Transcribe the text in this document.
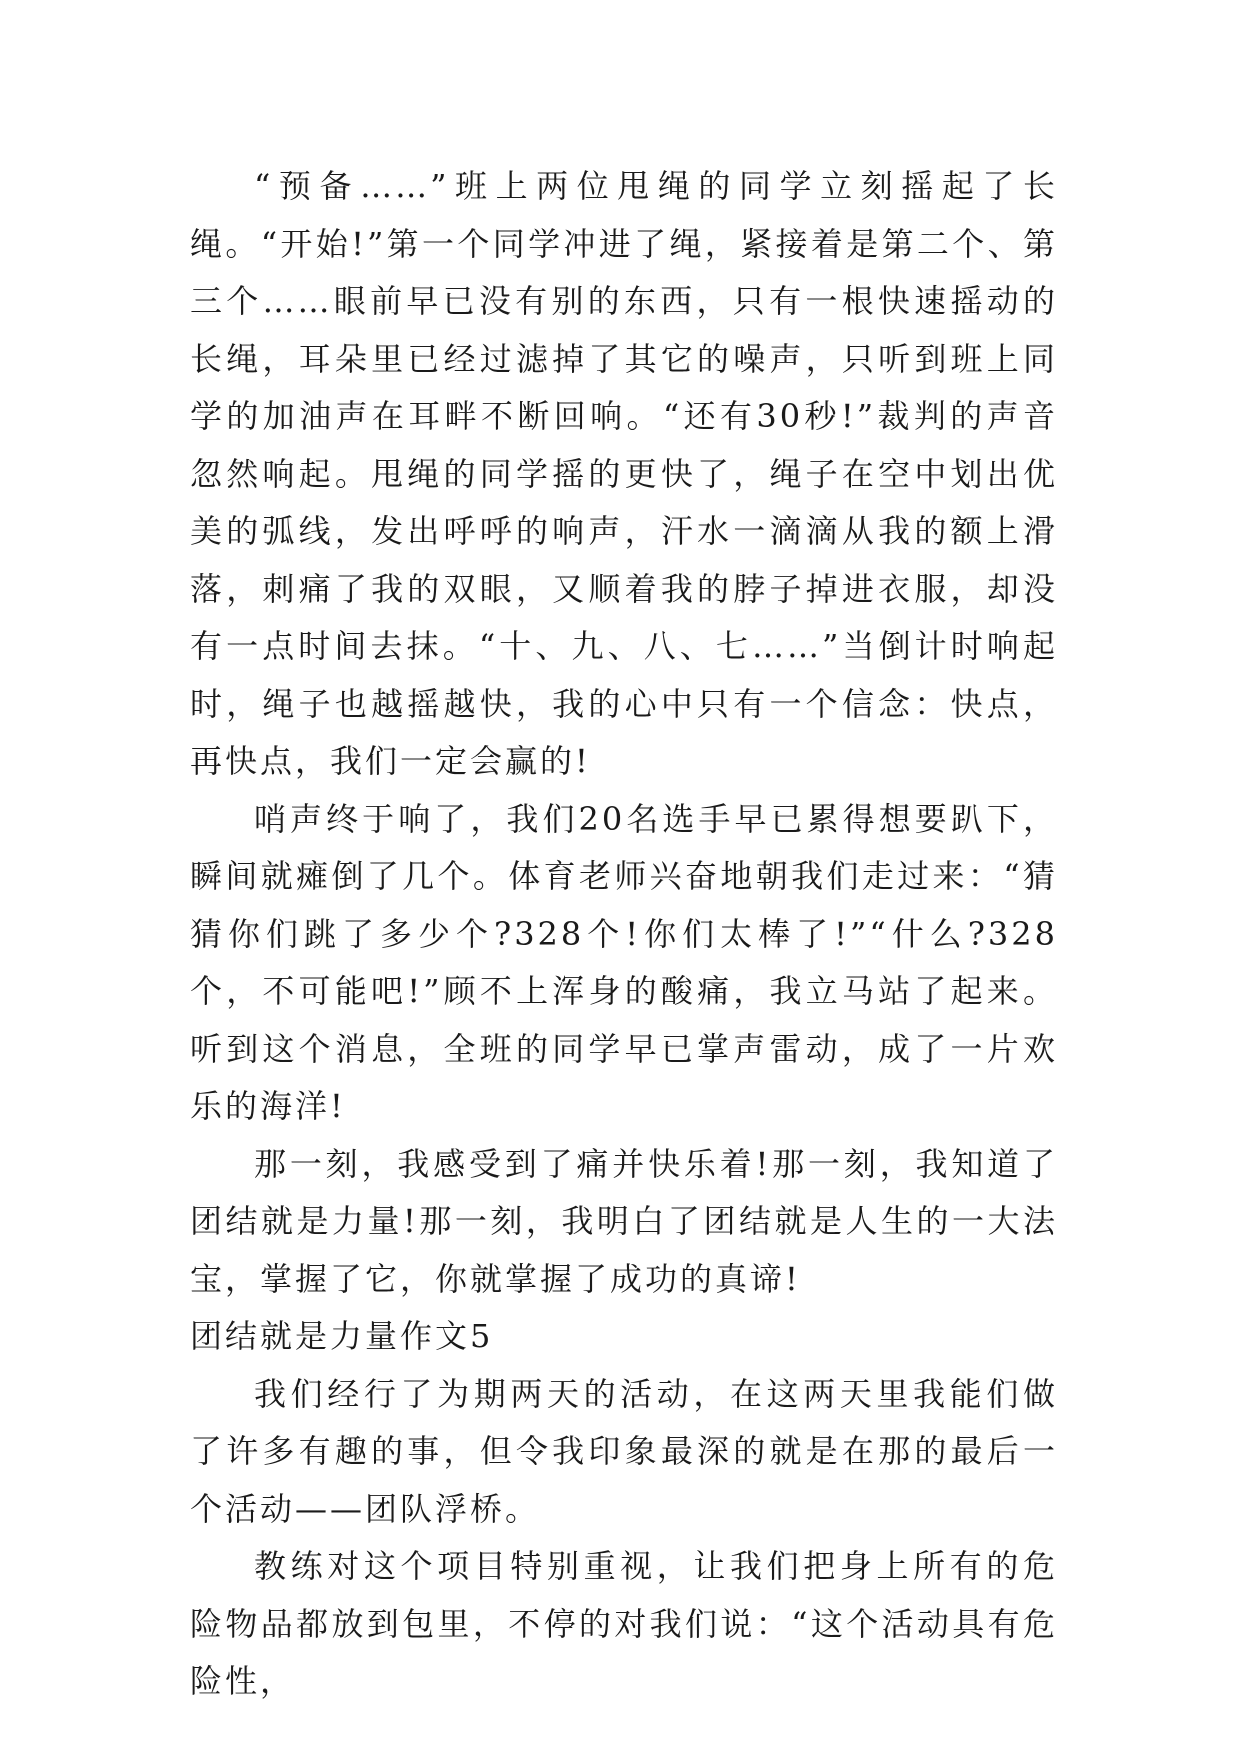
“预备……”班上两位甩绳的同学立刻摇起了长绳。“开始!”第一个同学冲进了绳，紧接着是第二个、第三个……眼前早已没有别的东西，只有一根快速摇动的长绳，耳朵里已经过滤掉了其它的噪声，只听到班上同学的加油声在耳畔不断回响。“还有30秒!”裁判的声音忽然响起。甩绳的同学摇的更快了，绳子在空中划出优美的弧线，发出呼呼的响声，汗水一滴滴从我的额上滑落，刺痛了我的双眼，又顺着我的脖子掉进衣服，却没有一点时间去抹。“十、九、八、七……”当倒计时响起时，绳子也越摇越快，我的心中只有一个信念：快点，再快点，我们一定会赢的!

哨声终于响了，我们20名选手早已累得想要趴下，瞬间就瘫倒了几个。体育老师兴奋地朝我们走过来：“猜猜你们跳了多少个?328个!你们太棒了!”“什么?328个，不可能吧!”顾不上浑身的酸痛，我立马站了起来。听到这个消息，全班的同学早已掌声雷动，成了一片欢乐的海洋!

那一刻，我感受到了痛并快乐着!那一刻，我知道了团结就是力量!那一刻，我明白了团结就是人生的一大法宝，掌握了它，你就掌握了成功的真谛!

团结就是力量作文5

我们经行了为期两天的活动，在这两天里我能们做了许多有趣的事，但令我印象最深的就是在那的最后一个活动——团队浮桥。

教练对这个项目特别重视，让我们把身上所有的危险物品都放到包里，不停的对我们说：“这个活动具有危险性，
